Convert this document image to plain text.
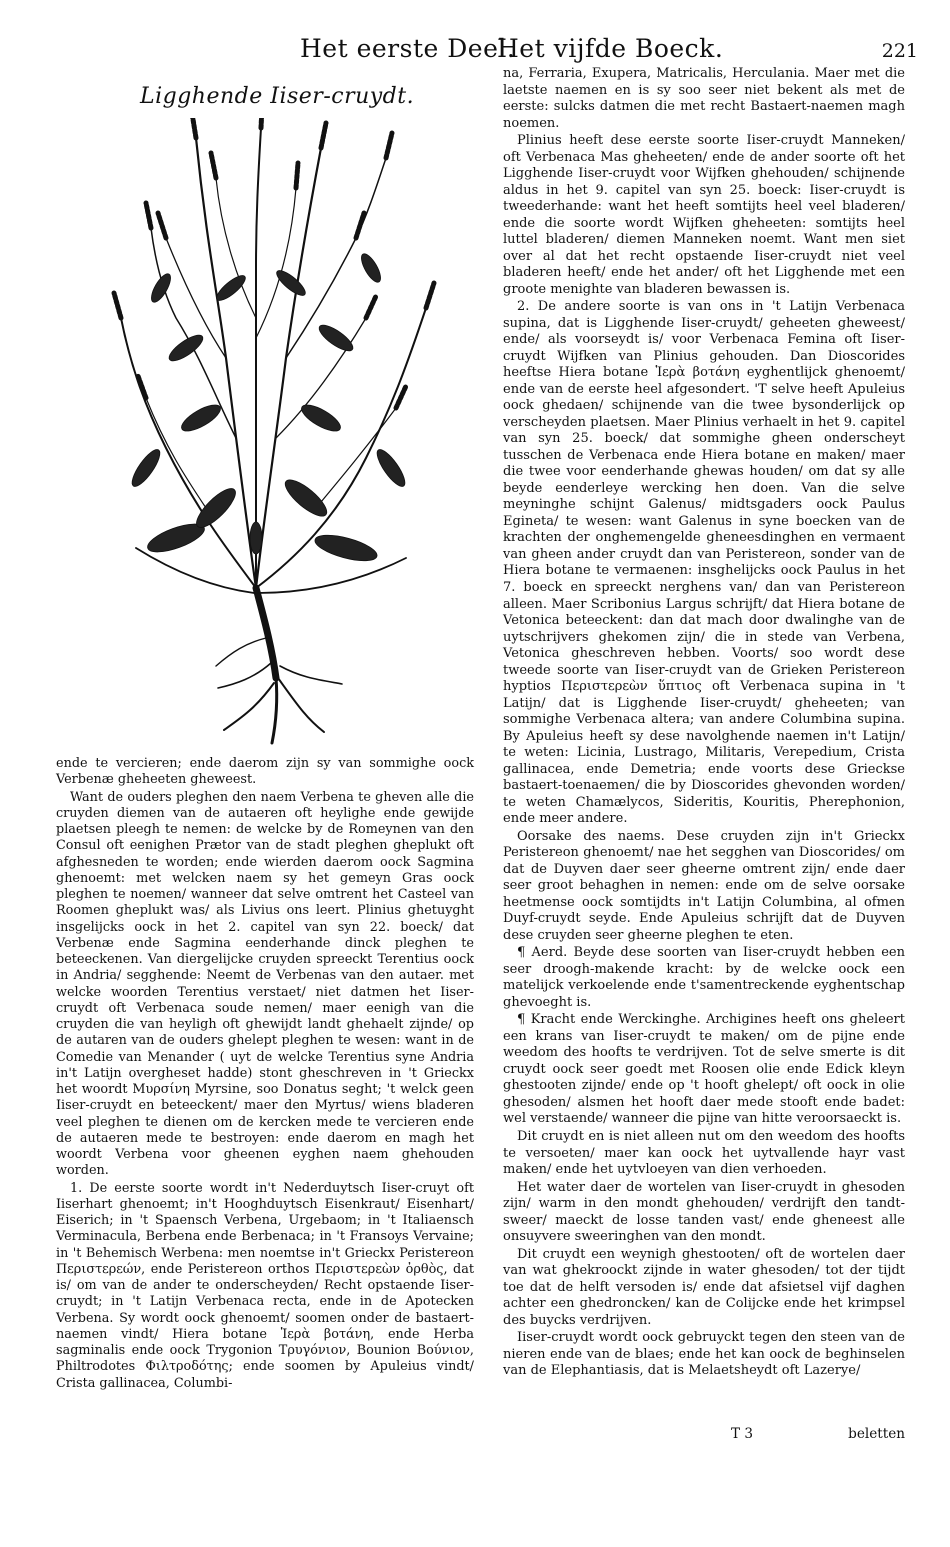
Het eerste Deel.
Het vijfde Boeck.	221
Ligghende Iiser-cruydt.

ende te vercieren; ende daerom zijn sy van sommighe oock Verbenæ gheheeten gheweest.

Want de ouders pleghen den naem Verbena te gheven alle die cruyden diemen van de autaeren oft heylighe ende gewijde plaetsen pleegh te nemen: de welcke by de Romeynen van den Consul oft eenighen Prætor van de stadt pleghen gheplukt oft afghesneden te worden; ende wierden daerom oock Sagmina ghenoemt: met welcken naem sy het gemeyn Gras oock pleghen te noemen/ wanneer dat selve omtrent het Casteel van Roomen gheplukt was/ als Livius ons leert. Plinius ghetuyght insgelijcks oock in het 2. capitel van syn 22. boeck/ dat Verbenæ ende Sagmina eenderhande dinck pleghen te beteeckenen. Van diergelijcke cruyden spreeckt Terentius oock in Andria/ segghende: Neemt de Verbenas van den autaer. met welcke woorden Terentius verstaet/ niet datmen het Iiser-cruydt oft Verbenaca soude nemen/ maer eenigh van die cruyden die van heyligh oft ghewijdt landt ghehaelt zijnde/ op de autaren van de ouders ghelept pleghen te wesen: want in de Comedie van Menander ( uyt de welcke Terentius syne Andria in't Latijn overgheset hadde) stont gheschreven in 't Grieckx het woordt Μυρσίνη Myrsine, soo Donatus seght; 't welck geen Iiser-cruydt en beteeckent/ maer den Myrtus/ wiens bladeren veel pleghen te dienen om de kercken mede te vercieren ende de autaeren mede te bestroyen: ende daerom en magh het woordt Verbena voor gheenen eyghen naem ghehouden worden.

1. De eerste soorte wordt in't Nederduytsch Iiser-cruyt oft Iiserhart ghenoemt; in't Hooghduytsch Eisenkraut/ Eisenhart/ Eiserich; in 't Spaensch Verbena, Urgebaom; in 't Italiaensch Verminacula, Berbena ende Berbenaca; in 't Fransoys Vervaine; in 't Behemisch Werbena: men noemtse in't Grieckx Peristereon Περιστερεών, ende Peristereon orthos Περιστερεὼν ὀρθὸς, dat is/ om van de ander te onderscheyden/ Recht opstaende Iiser-cruydt; in 't Latijn Verbenaca recta, ende in de Apotecken Verbena. Sy wordt oock ghenoemt/ soomen onder de bastaert-naemen vindt/ Hiera botane Ἱερὰ βοτάνη, ende Herba sagminalis ende oock Trygonion Τρυγόνιον, Bounion Βούνιον, Philtrodotes Φιλτροδότης; ende soomen by Apuleius vindt/ Crista gallinacea, Columbi-

na, Ferraria, Exupera, Matricalis, Herculania. Maer met die laetste naemen en is sy soo seer niet bekent als met de eerste: sulcks datmen die met recht Bastaert-naemen magh noemen.

Plinius heeft dese eerste soorte Iiser-cruydt Manneken/ oft Verbenaca Mas gheheeten/ ende de ander soorte oft het Ligghende Iiser-cruydt voor Wijfken ghehouden/ schijnende aldus in het 9. capitel van syn 25. boeck: Iiser-cruydt is tweederhande: want het heeft somtijts heel veel bladeren/ ende die soorte wordt Wijfken gheheeten: somtijts heel luttel bladeren/ diemen Manneken noemt. Want men siet over al dat het recht opstaende Iiser-cruydt niet veel bladeren heeft/ ende het ander/ oft het Ligghende met een groote menighte van bladeren bewassen is.

2. De andere soorte is van ons in 't Latijn Verbenaca supina, dat is Ligghende Iiser-cruydt/ geheeten gheweest/ ende/ als voorseydt is/ voor Verbenaca Femina oft Iiser-cruydt Wijfken van Plinius gehouden. Dan Dioscorides heeftse Hiera botane Ἱερὰ βοτάνη eyghentlijck ghenoemt/ ende van de eerste heel afgesondert. 'T selve heeft Apuleius oock ghedaen/ schijnende van die twee bysonderlijck op verscheyden plaetsen. Maer Plinius verhaelt in het 9. capitel van syn 25. boeck/ dat sommighe gheen onderscheyt tusschen de Verbenaca ende Hiera botane en maken/ maer die twee voor eenderhande ghewas houden/ om dat sy alle beyde eenderleye wercking hen doen. Van die selve meyninghe schijnt Galenus/ midtsgaders oock Paulus Egineta/ te wesen: want Galenus in syne boecken van de krachten der onghemengelde gheneesdinghen en vermaent van gheen ander cruydt dan van Peristereon, sonder van de Hiera botane te vermaenen: insghelijcks oock Paulus in het 7. boeck en spreeckt nerghens van/ dan van Peristereon alleen. Maer Scribonius Largus schrijft/ dat Hiera botane de Vetonica beteeckent: dan dat mach door dwalinghe van de uytschrijvers ghekomen zijn/ die in stede van Verbena, Vetonica gheschreven hebben. Voorts/ soo wordt dese tweede soorte van Iiser-cruydt van de Grieken Peristereon hyptios Περιστερεὼν ὕπτιος oft Verbenaca supina in 't Latijn/ dat is Ligghende Iiser-cruydt/ gheheeten; van sommighe Verbenaca altera; van andere Columbina supina. By Apuleius heeft sy dese navolghende naemen in't Latijn/ te weten: Licinia, Lustrago, Militaris, Verepedium, Crista gallinacea, ende Demetria; ende voorts dese Grieckse bastaert-toenaemen/ die by Dioscorides ghevonden worden/ te weten Chamælycos, Sideritis, Kouritis, Pherephonion, ende meer andere.

Oorsake des naems. Dese cruyden zijn in't Grieckx Peristereon ghenoemt/ nae het segghen van Dioscorides/ om dat de Duyven daer seer gheerne omtrent zijn/ ende daer seer groot behaghen in nemen: ende om de selve oorsake heetmense oock somtijdts in't Latijn Columbina, al ofmen Duyf-cruydt seyde. Ende Apuleius schrijft dat de Duyven dese cruyden seer gheerne pleghen te eten.

¶ Aerd. Beyde dese soorten van Iiser-cruydt hebben een seer droogh-makende kracht: by de welcke oock een matelijck verkoelende ende t'samentreckende eyghentschap ghevoeght is.

¶ Kracht ende Werckinghe. Archigines heeft ons gheleert een krans van Iiser-cruydt te maken/ om de pijne ende weedom des hoofts te verdrijven. Tot de selve smerte is dit cruydt oock seer goedt met Roosen olie ende Edick kleyn ghestooten zijnde/ ende op 't hooft ghelept/ oft oock in olie ghesoden/ alsmen het hooft daer mede stooft ende badet: wel verstaende/ wanneer die pijne van hitte veroorsaeckt is.

Dit cruydt en is niet alleen nut om den weedom des hoofts te versoeten/ maer kan oock het uytvallende hayr vast maken/ ende het uytvloeyen van dien verhoeden.

Het water daer de wortelen van Iiser-cruydt in ghesoden zijn/ warm in den mondt ghehouden/ verdrijft den tandt-sweer/ maeckt de losse tanden vast/ ende gheneest alle onsuyvere sweeringhen van den mondt.

Dit cruydt een weynigh ghestooten/ oft de wortelen daer van wat ghekroockt zijnde in water ghesoden/ tot der tijdt toe dat de helft versoden is/ ende dat afsietsel vijf daghen achter een ghedroncken/ kan de Colijcke ende het krimpsel des buycks verdrijven.

Iiser-cruydt wordt oock gebruyckt tegen den steen van de nieren ende van de blaes; ende het kan oock de beghinselen van de Elephantiasis, dat is Melaetsheydt oft Lazerye/

T 3	beletten
